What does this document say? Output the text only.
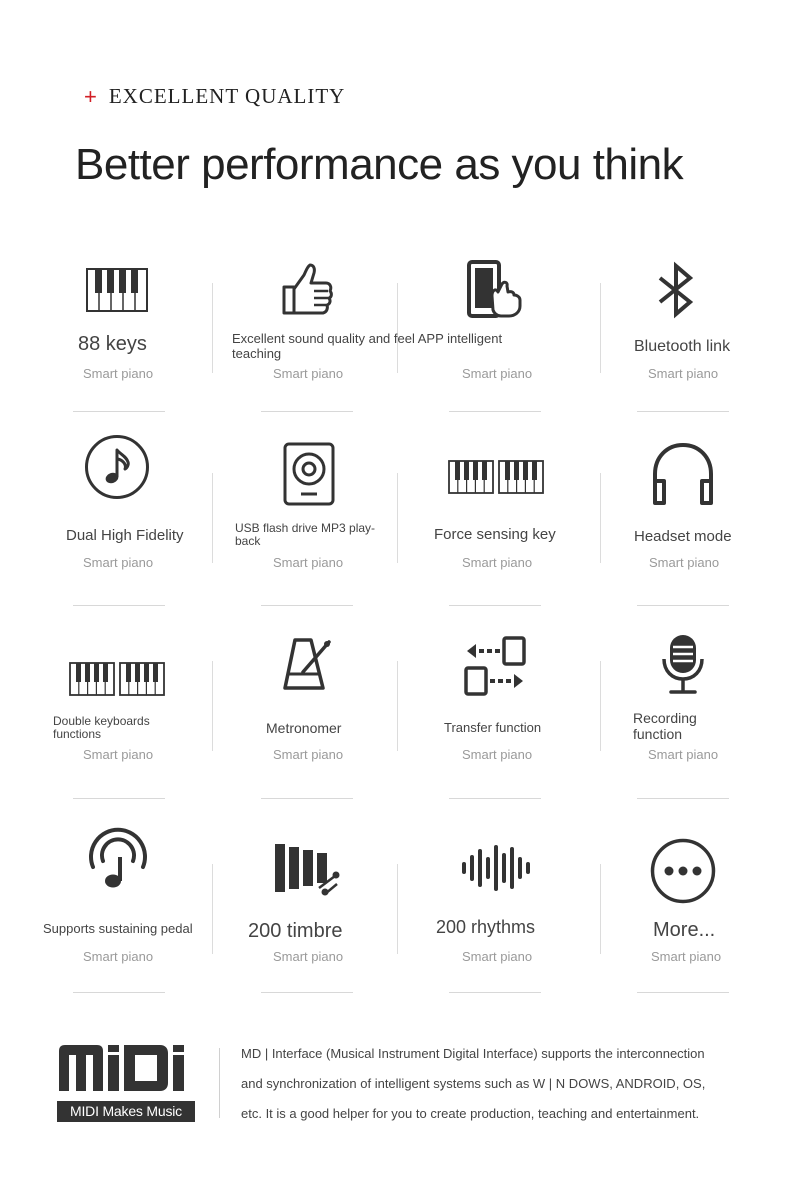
+ EXCELLENT QUALITY
Better performance as you think
88 keys
Smart piano
Excellent sound quality and feel APP intelligent teaching
Smart piano	Smart piano
Bluetooth link
Smart piano
Dual High Fidelity
Smart piano
USB flash drive MP3 play-back
Smart piano
Force sensing key
Smart piano
Headset mode
Smart piano
Double keyboards functions
Smart piano
Metronomer
Smart piano
Transfer function
Smart piano
Recording function
Smart piano
Supports sustaining pedal
Smart piano
200 timbre
Smart piano
200 rhythms
Smart piano
More...
Smart piano
MIDI Makes Music
MD | Interface (Musical Instrument Digital Interface) supports the interconnection
and synchronization of intelligent systems such as W | N DOWS, ANDROID, OS,
etc. It is a good helper for you to create production, teaching and entertainment.
